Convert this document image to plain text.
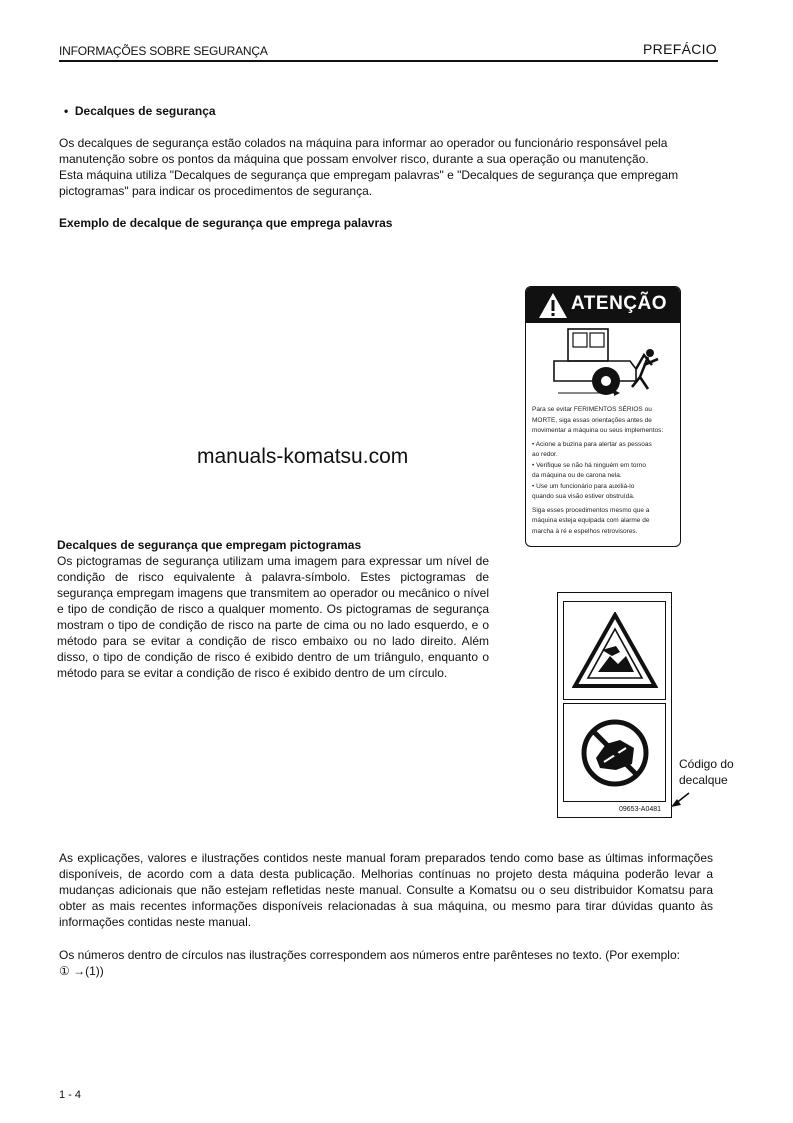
INFORMAÇÕES SOBRE SEGURANÇA	PREFÁCIO
•  Decalques de segurança
Os decalques de segurança estão colados na máquina para informar ao operador ou funcionário responsável pela
manutenção sobre os pontos da máquina que possam envolver risco, durante a sua operação ou manutenção.
Esta máquina utiliza "Decalques de segurança que empregam palavras" e "Decalques de segurança que empregam
pictogramas" para indicar os procedimentos de segurança.
Exemplo de decalque de segurança que emprega palavras
manuals-komatsu.com
ATENÇÃO
Para se evitar FERIMENTOS SÉRIOS ou
MORTE, siga essas orientações antes de
movimentar a máquina ou seus implementos:
• Acione a buzina para alertar as pessoas
ao redor.
• Verifique se não há ninguém em torno
da máquina ou de carona nela.
• Use um funcionário para auxiliá-lo
quando sua visão estiver obstruída.
Siga esses procedimentos mesmo que a
máquina esteja equipada com alarme de
marcha à ré e espelhos retrovisores.
Decalques de segurança que empregam pictogramas
Os pictogramas de segurança utilizam uma imagem para expressar um nível de condição de risco equivalente à palavra-símbolo. Estes pictogramas de segurança empregam imagens que transmitem ao operador ou mecânico o nível e tipo de condição de risco a qualquer momento. Os pictogramas de segurança mostram o tipo de condição de risco na parte de cima ou no lado esquerdo, e o método para se evitar a condição de risco embaixo ou no lado direito. Além disso, o tipo de condição de risco é exibido dentro de um triângulo, enquanto o método para se evitar a condição de risco é exibido dentro de um círculo.
09653-A0481
Código do decalque
As explicações, valores e ilustrações contidos neste manual foram preparados tendo como base as últimas informações disponíveis, de acordo com a data desta publicação. Melhorias contínuas no projeto desta máquina poderão levar a mudanças adicionais que não estejam refletidas neste manual. Consulte a Komatsu ou o seu distribuidor Komatsu para obter as mais recentes informações disponíveis relacionadas à sua máquina, ou mesmo para tirar dúvidas quanto às informações contidas neste manual.
Os números dentro de círculos nas ilustrações correspondem aos números entre parênteses no texto. (Por exemplo:
① →(1))
1 - 4
